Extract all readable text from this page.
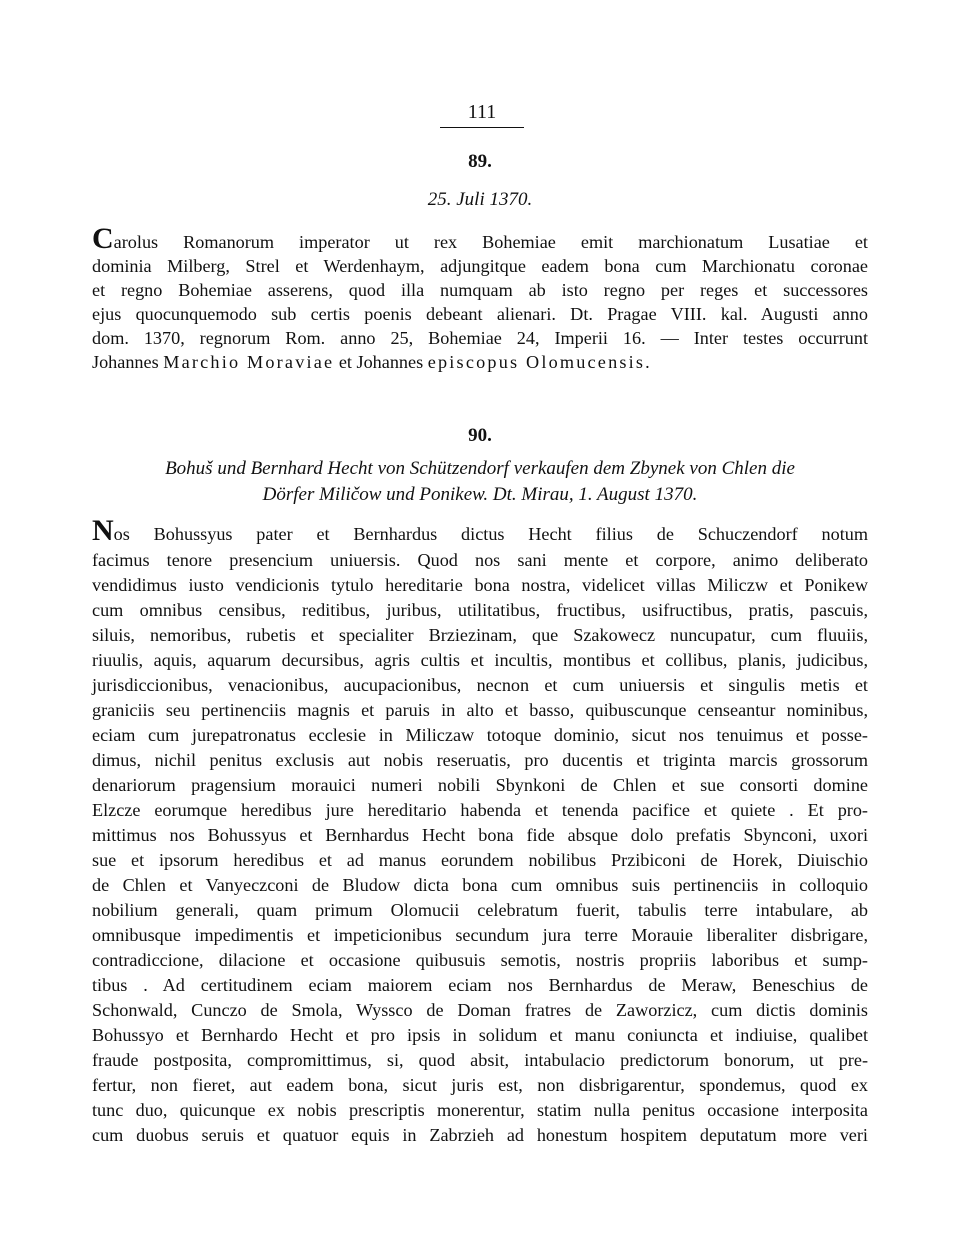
111
89.
25. Juli 1370.
Carolus Romanorum imperator ut rex Bohemiae emit marchionatum Lusatiae et
dominia Milberg, Strel et Werdenhaym, adjungitque eadem bona cum Marchionatu coronae
et regno Bohemiae asserens, quod illa numquam ab isto regno per reges et successores
ejus quocunquemodo sub certis poenis debeant alienari. Dt. Pragae VIII. kal. Augusti anno
dom. 1370, regnorum Rom. anno 25, Bohemiae 24, Imperii 16. — Inter testes occurrunt
Johannes Marchio Moraviae et Johannes episcopus Olomucensis.
90.
Bohuš und Bernhard Hecht von Schützendorf verkaufen dem Zbynek von Chlen die
Dörfer Miličow und Ponikew. Dt. Mirau, 1. August 1370.
Nos Bohussyus pater et Bernhardus dictus Hecht filius de Schuczendorf notum
facimus tenore presencium uniuersis. Quod nos sani mente et corpore, animo deliberato
vendidimus iusto vendicionis tytulo hereditarie bona nostra, videlicet villas Miliczw et Ponikew
cum omnibus censibus, reditibus, juribus, utilitatibus, fructibus, usifructibus, pratis, pascuis,
siluis, nemoribus, rubetis et specialiter Brziezinam, que Szakowecz nuncupatur, cum fluuiis,
riuulis, aquis, aquarum decursibus, agris cultis et incultis, montibus et collibus, planis, judicibus,
jurisdiccionibus, venacionibus, aucupacionibus, necnon et cum uniuersis et singulis metis et
graniciis seu pertinenciis magnis et paruis in alto et basso, quibuscunque censeantur nominibus,
eciam cum jurepatronatus ecclesie in Miliczaw totoque dominio, sicut nos tenuimus et posse-
dimus, nichil penitus exclusis aut nobis reseruatis, pro ducentis et triginta marcis grossorum
denariorum pragensium morauici numeri nobili Sbynkoni de Chlen et sue consorti domine
Elzcze eorumque heredibus jure hereditario habenda et tenenda pacifice et quiete . Et pro-
mittimus nos Bohussyus et Bernhardus Hecht bona fide absque dolo prefatis Sbynconi, uxori
sue et ipsorum heredibus et ad manus eorundem nobilibus Przibiconi de Horek, Diuischio
de Chlen et Vanyeczconi de Bludow dicta bona cum omnibus suis pertinenciis in colloquio
nobilium generali, quam primum Olomucii celebratum fuerit, tabulis terre intabulare, ab
omnibusque impedimentis et impeticionibus secundum jura terre Morauie liberaliter disbrigare,
contradiccione, dilacione et occasione quibusuis semotis, nostris propriis laboribus et sump-
tibus . Ad certitudinem eciam maiorem eciam nos Bernhardus de Meraw, Beneschius de
Schonwald, Cunczo de Smola, Wyssco de Doman fratres de Zaworzicz, cum dictis dominis
Bohussyo et Bernhardo Hecht et pro ipsis in solidum et manu coniuncta et indiuise, qualibet
fraude postposita, compromittimus, si, quod absit, intabulacio predictorum bonorum, ut pre-
fertur, non fieret, aut eadem bona, sicut juris est, non disbrigarentur, spondemus, quod ex
tunc duo, quicunque ex nobis prescriptis monerentur, statim nulla penitus occasione interposita
cum duobus seruis et quatuor equis in Zabrzieh ad honestum hospitem deputatum more veri
